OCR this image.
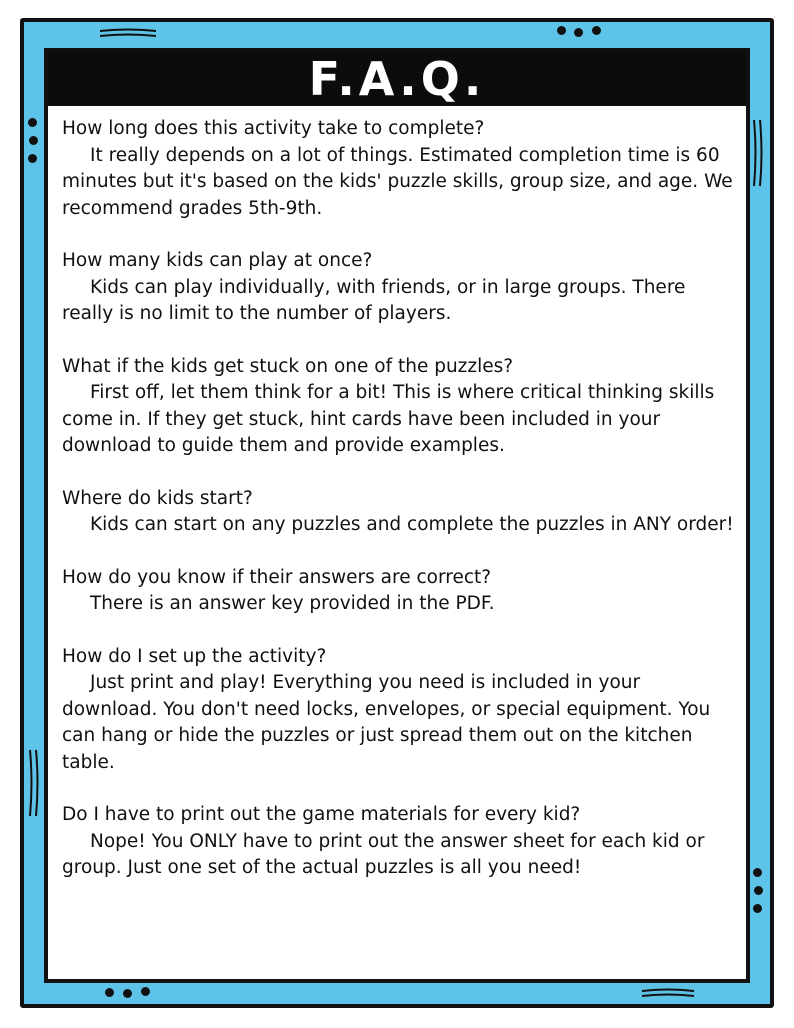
F.A.Q.
How long does this activity take to complete?
It really depends on a lot of things. Estimated completion time is 60 minutes but it's based on the kids' puzzle skills, group size, and age. We recommend grades 5th-9th.
How many kids can play at once?
Kids can play individually, with friends, or in large groups. There really is no limit to the number of players.
What if the kids get stuck on one of the puzzles?
First off, let them think for a bit! This is where critical thinking skills come in. If they get stuck, hint cards have been included in your download to guide them and provide examples.
Where do kids start?
Kids can start on any puzzles and complete the puzzles in ANY order!
How do you know if their answers are correct?
There is an answer key provided in the PDF.
How do I set up the activity?
Just print and play! Everything you need is included in your download. You don't need locks, envelopes, or special equipment. You can hang or hide the puzzles or just spread them out on the kitchen table.
Do I have to print out the game materials for every kid?
Nope! You ONLY have to print out the answer sheet for each kid or group. Just one set of the actual puzzles is all you need!
